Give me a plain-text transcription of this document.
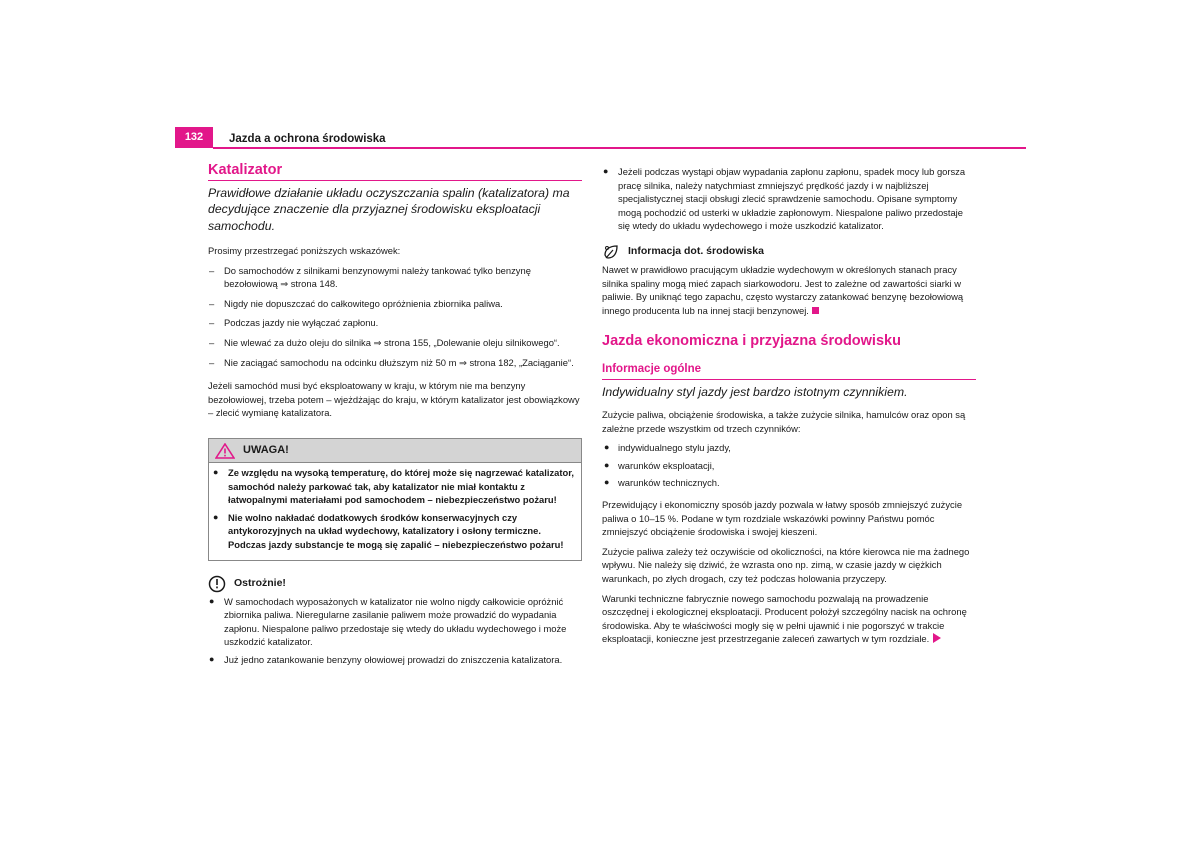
132	Jazda a ochrona środowiska
Katalizator
Prawidłowe działanie układu oczyszczania spalin (katalizatora) ma decydujące znaczenie dla przyjaznej środowisku eksploatacji samochodu.

Prosimy przestrzegać poniższych wskazówek:

– Do samochodów z silnikami benzynowymi należy tankować tylko benzynę bezołowiową ⇒ strona 148.
– Nigdy nie dopuszczać do całkowitego opróżnienia zbiornika paliwa.
– Podczas jazdy nie wyłączać zapłonu.
– Nie wlewać za dużo oleju do silnika ⇒ strona 155, „Dolewanie oleju silnikowego“.
– Nie zaciągać samochodu na odcinku dłuższym niż 50 m ⇒ strona 182, „Zaciąganie“.

Jeżeli samochód musi być eksploatowany w kraju, w którym nie ma benzyny bezołowiowej, trzeba potem – wjeżdżając do kraju, w którym katalizator jest obowiązkowy – zlecić wymianę katalizatora.

UWAGA!
● Ze względu na wysoką temperaturę, do której może się nagrzewać katalizator, samochód należy parkować tak, aby katalizator nie miał kontaktu z łatwopalnymi materiałami pod samochodem – niebezpieczeństwo pożaru!
● Nie wolno nakładać dodatkowych środków konserwacyjnych czy antykorozyjnych na układ wydechowy, katalizatory i osłony termiczne. Podczas jazdy substancje te mogą się zapalić – niebezpieczeństwo pożaru!
Ostrożnie!
● W samochodach wyposażonych w katalizator nie wolno nigdy całkowicie opróżnić zbiornika paliwa. Nieregularne zasilanie paliwem może prowadzić do wypadania zapłonu. Niespalone paliwo przedostaje się wtedy do układu wydechowego i może uszkodzić katalizator.
● Już jedno zatankowanie benzyny ołowiowej prowadzi do zniszczenia katalizatora.
● Jeżeli podczas wystąpi objaw wypadania zapłonu zapłonu, spadek mocy lub gorsza pracę silnika, należy natychmiast zmniejszyć prędkość jazdy i w najbliższej specjalistycznej stacji obsługi zlecić sprawdzenie samochodu. Opisane symptomy mogą pochodzić od usterki w układzie zapłonowym. Niespalone paliwo przedostaje się wtedy do układu wydechowego i może uszkodzić katalizator.
Informacja dot. środowiska

Nawet w prawidłowo pracującym układzie wydechowym w określonych stanach pracy silnika spaliny mogą mieć zapach siarkowodoru. Jest to zależne od zawartości siarki w paliwie. By uniknąć tego zapachu, często wystarczy zatankować benzynę bezołowiową innego producenta lub na innej stacji benzynowej.

Jazda ekonomiczna i przyjazna środowisku
Informacje ogólne
Indywidualny styl jazdy jest bardzo istotnym czynnikiem.

Zużycie paliwa, obciążenie środowiska, a także zużycie silnika, hamulców oraz opon są zależne przede wszystkim od trzech czynników:

● indywidualnego stylu jazdy,
● warunków eksploatacji,
● warunków technicznych.

Przewidujący i ekonomiczny sposób jazdy pozwala w łatwy sposób zmniejszyć zużycie paliwa o 10–15 %. Podane w tym rozdziale wskazówki powinny Państwu pomóc zmniejszyć obciążenie środowiska i swojej kieszeni.

Zużycie paliwa zależy też oczywiście od okoliczności, na które kierowca nie ma żadnego wpływu. Nie należy się dziwić, że wzrasta ono np. zimą, w czasie jazdy w ciężkich warunkach, po złych drogach, czy też podczas holowania przyczepy.

Warunki techniczne fabrycznie nowego samochodu pozwalają na prowadzenie oszczędnej i ekologicznej eksploatacji. Producent położył szczególny nacisk na ochronę środowiska. Aby te właściwości mogły się w pełni ujawnić i nie pogorszyć w trakcie eksploatacji, konieczne jest przestrzeganie zaleceń zawartych w tym rozdziale.
